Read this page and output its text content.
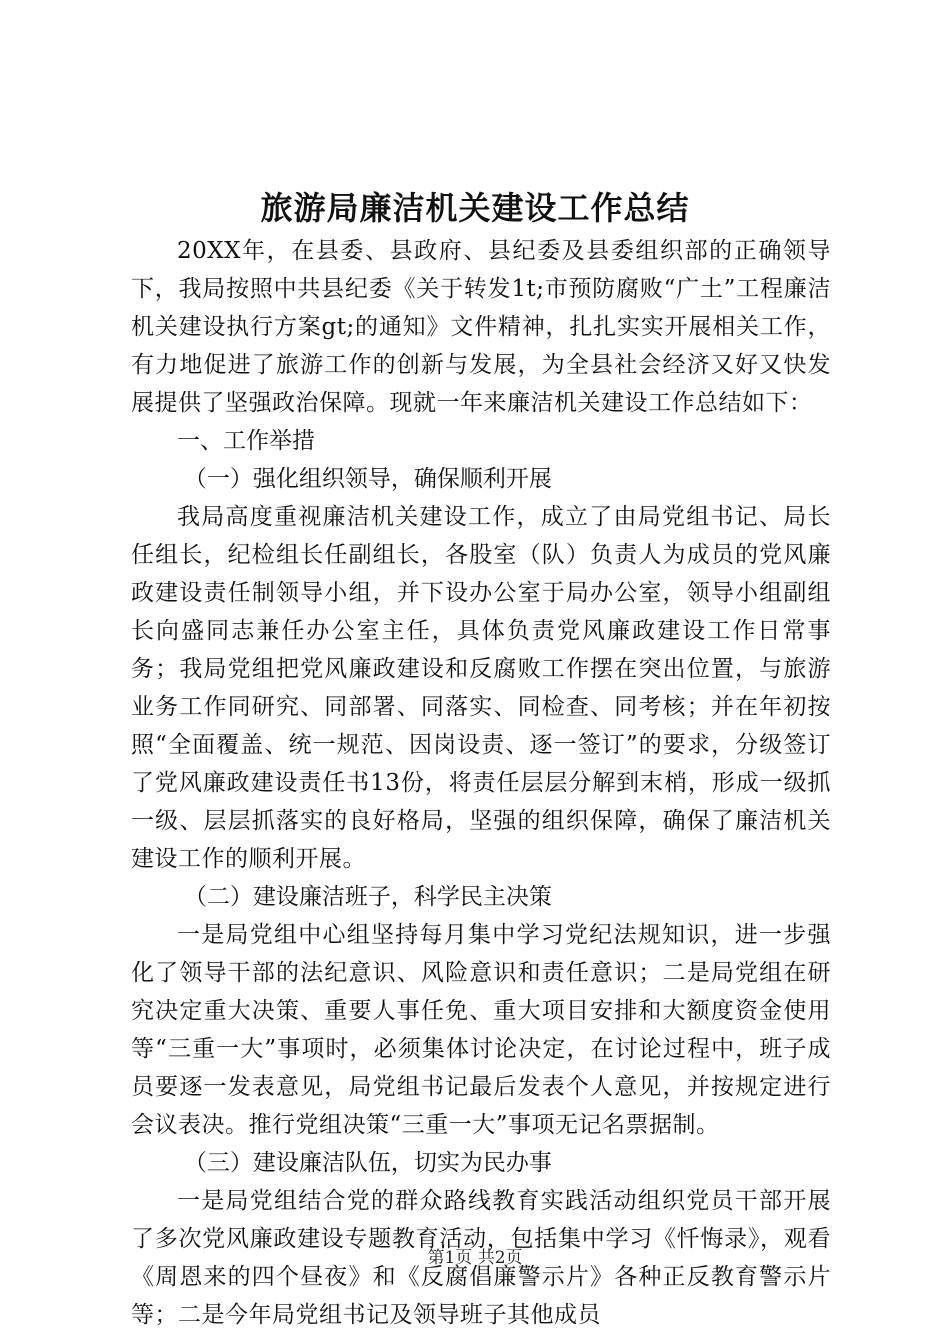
旅游局廉洁机关建设工作总结

20XX年，在县委、县政府、县纪委及县委组织部的正确领导下，我局按照中共县纪委《关于转发1t;市预防腐败“广土”工程廉洁机关建设执行方案gt;的通知》文件精神，扎扎实实开展相关工作，有力地促进了旅游工作的创新与发展，为全县社会经济又好又快发展提供了坚强政治保障。现就一年来廉洁机关建设工作总结如下：

一、工作举措

（一）强化组织领导，确保顺利开展

我局高度重视廉洁机关建设工作，成立了由局党组书记、局长任组长，纪检组长任副组长，各股室（队）负责人为成员的党风廉政建设责任制领导小组，并下设办公室于局办公室，领导小组副组长向盛同志兼任办公室主任，具体负责党风廉政建设工作日常事务；我局党组把党风廉政建设和反腐败工作摆在突出位置，与旅游业务工作同研究、同部署、同落实、同检查、同考核；并在年初按照“全面覆盖、统一规范、因岗设责、逐一签订”的要求，分级签订了党风廉政建设责任书13份，将责任层层分解到末梢，形成一级抓一级、层层抓落实的良好格局，坚强的组织保障，确保了廉洁机关建设工作的顺利开展。

（二）建设廉洁班子，科学民主决策

一是局党组中心组坚持每月集中学习党纪法规知识，进一步强化了领导干部的法纪意识、风险意识和责任意识；二是局党组在研究决定重大决策、重要人事任免、重大项目安排和大额度资金使用等“三重一大”事项时，必须集体讨论决定，在讨论过程中，班子成员要逐一发表意见，局党组书记最后发表个人意见，并按规定进行会议表决。推行党组决策“三重一大”事项无记名票据制。

（三）建设廉洁队伍，切实为民办事

一是局党组结合党的群众路线教育实践活动组织党员干部开展了多次党风廉政建设专题教育活动，包括集中学习《忏悔录》，观看《周恩来的四个昼夜》和《反腐倡廉警示片》各种正反教育警示片等；二是今年局党组书记及领导班子其他成员

第1页 共2页
